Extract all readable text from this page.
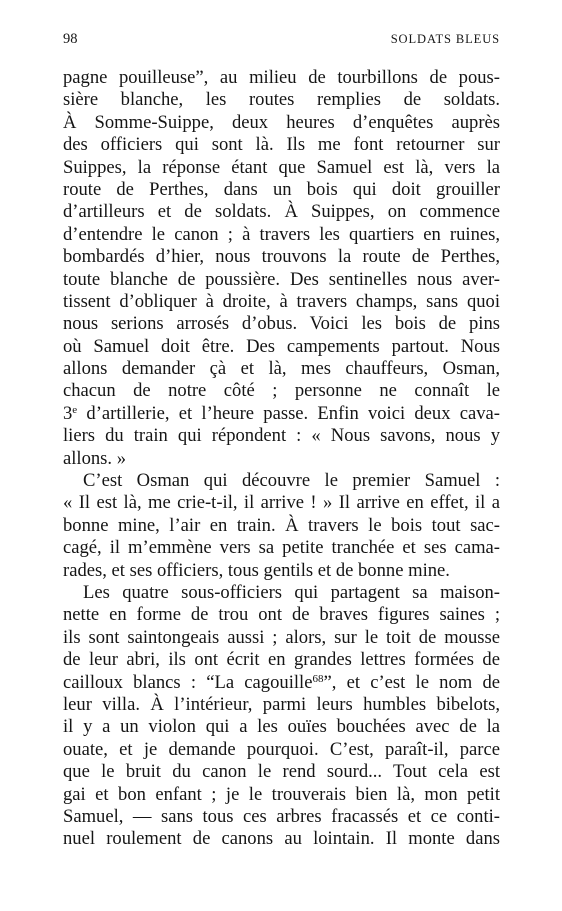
98	SOLDATS BLEUS
pagne pouilleuse”, au milieu de tourbillons de pous-
sière blanche, les routes remplies de soldats.
À Somme-Suippe, deux heures d’enquêtes auprès
des officiers qui sont là. Ils me font retourner sur
Suippes, la réponse étant que Samuel est là, vers la
route de Perthes, dans un bois qui doit grouiller
d’artilleurs et de soldats. À Suippes, on commence
d’entendre le canon ; à travers les quartiers en ruines,
bombardés d’hier, nous trouvons la route de Perthes,
toute blanche de poussière. Des sentinelles nous aver-
tissent d’obliquer à droite, à travers champs, sans quoi
nous serions arrosés d’obus. Voici les bois de pins
où Samuel doit être. Des campements partout. Nous
allons demander çà et là, mes chauffeurs, Osman,
chacun de notre côté ; personne ne connaît le
3e d’artillerie, et l’heure passe. Enfin voici deux cava-
liers du train qui répondent : « Nous savons, nous y
allons. »
C’est Osman qui découvre le premier Samuel :
« Il est là, me crie-t-il, il arrive ! » Il arrive en effet, il a
bonne mine, l’air en train. À travers le bois tout sac-
cagé, il m’emmène vers sa petite tranchée et ses cama-
rades, et ses officiers, tous gentils et de bonne mine.
Les quatre sous-officiers qui partagent sa maison-
nette en forme de trou ont de braves figures saines ;
ils sont saintongeais aussi ; alors, sur le toit de mousse
de leur abri, ils ont écrit en grandes lettres formées de
cailloux blancs : “La cagouille$^{68}$”, et c’est le nom de
leur villa. À l’intérieur, parmi leurs humbles bibelots,
il y a un violon qui a les ouïes bouchées avec de la
ouate, et je demande pourquoi. C’est, paraît-il, parce
que le bruit du canon le rend sourd... Tout cela est
gai et bon enfant ; je le trouverais bien là, mon petit
Samuel, — sans tous ces arbres fracassés et ce conti-
nuel roulement de canons au lointain. Il monte dans
